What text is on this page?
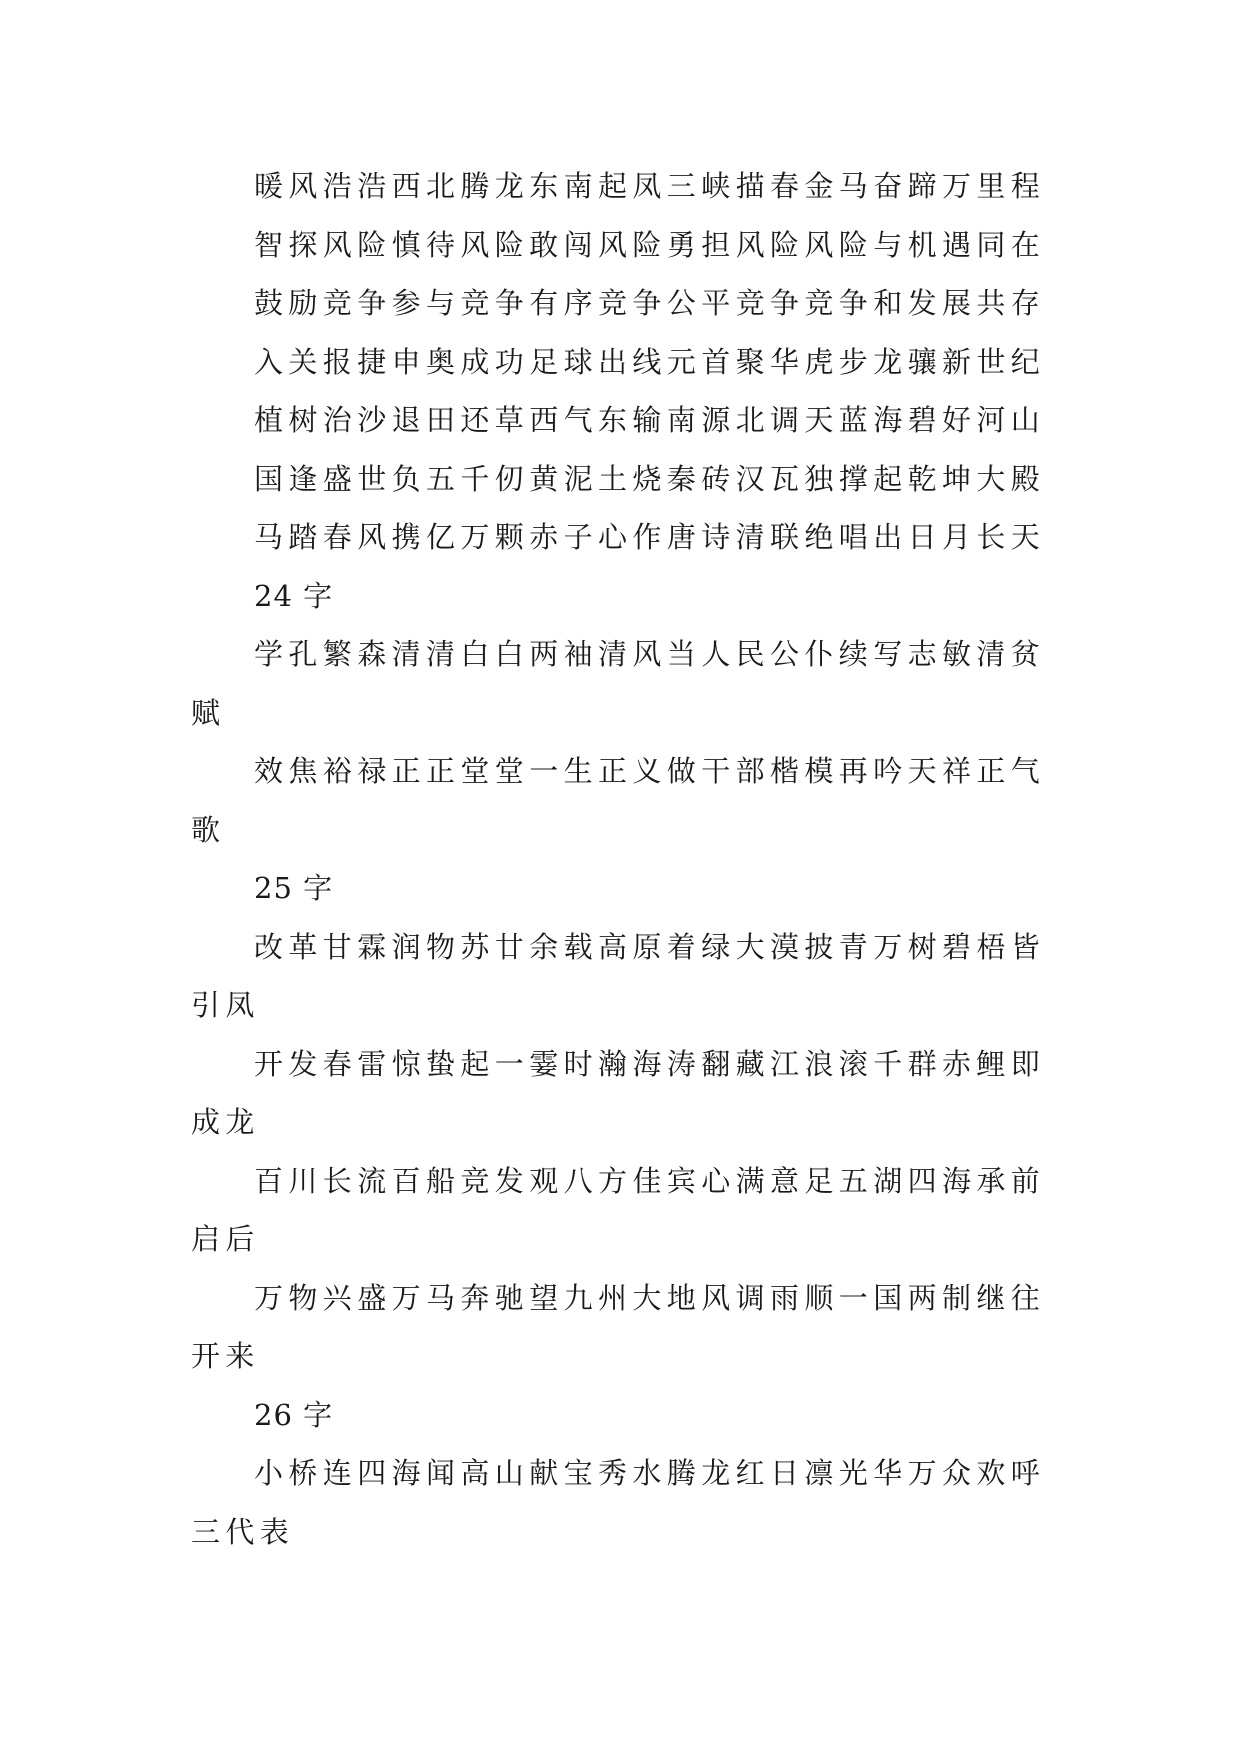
暖风浩浩西北腾龙东南起凤三峡描春金马奋蹄万里程
智探风险慎待风险敢闯风险勇担风险风险与机遇同在
鼓励竞争参与竞争有序竞争公平竞争竞争和发展共存
入关报捷申奥成功足球出线元首聚华虎步龙骧新世纪
植树治沙退田还草西气东输南源北调天蓝海碧好河山
国逢盛世负五千仞黄泥土烧秦砖汉瓦独撑起乾坤大殿
马踏春风携亿万颗赤子心作唐诗清联绝唱出日月长天
24 字
学孔繁森清清白白两袖清风当人民公仆续写志敏清贫
赋
效焦裕禄正正堂堂一生正义做干部楷模再吟天祥正气
歌
25 字
改革甘霖润物苏廿余载高原着绿大漠披青万树碧梧皆
引凤
开发春雷惊蛰起一霎时瀚海涛翻藏江浪滚千群赤鲤即
成龙
百川长流百船竞发观八方佳宾心满意足五湖四海承前
启后
万物兴盛万马奔驰望九州大地风调雨顺一国两制继往
开来
26 字
小桥连四海闻高山献宝秀水腾龙红日凛光华万众欢呼
三代表
